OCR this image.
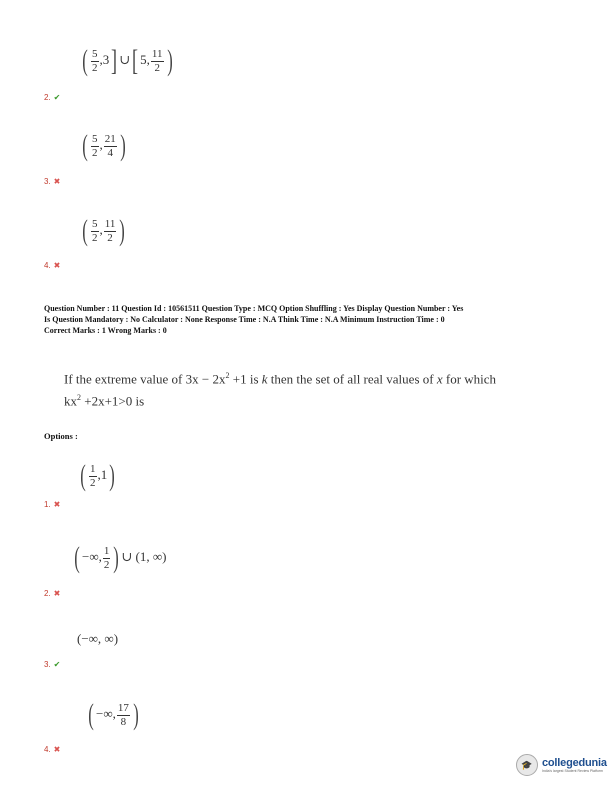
( $\frac{5}{2} ,3$] ∪[ 5, $\frac{11}{2}$ )
2. ✔
( $\frac{5}{2}$ , $\frac{21}{4}$ )
3. ✖
( $\frac{5}{2}$ , $\frac{11}{2}$ )
4. ✖
Question Number : 11 Question Id : 10561511 Question Type : MCQ Option Shuffling : Yes Display Question Number : Yes
Is Question Mandatory : No Calculator : None Response Time : N.A Think Time : N.A Minimum Instruction Time : 0
Correct Marks : 1 Wrong Marks : 0
If the extreme value of $3x - 2x^2 +1$ is k then the set of all real values of x for which
$kx^2 +2x+1>0$ is
Options :
( $\frac{1}{2} ,1$)
1. ✖
( −∞, $\frac{1}{2}$ ) ∪ (1, ∞)
2. ✖
(−∞, ∞)
3. ✔
( −∞, $\frac{17}{8}$ )
4. ✖
🎓 collegedunia
India's largest Student Review Platform
